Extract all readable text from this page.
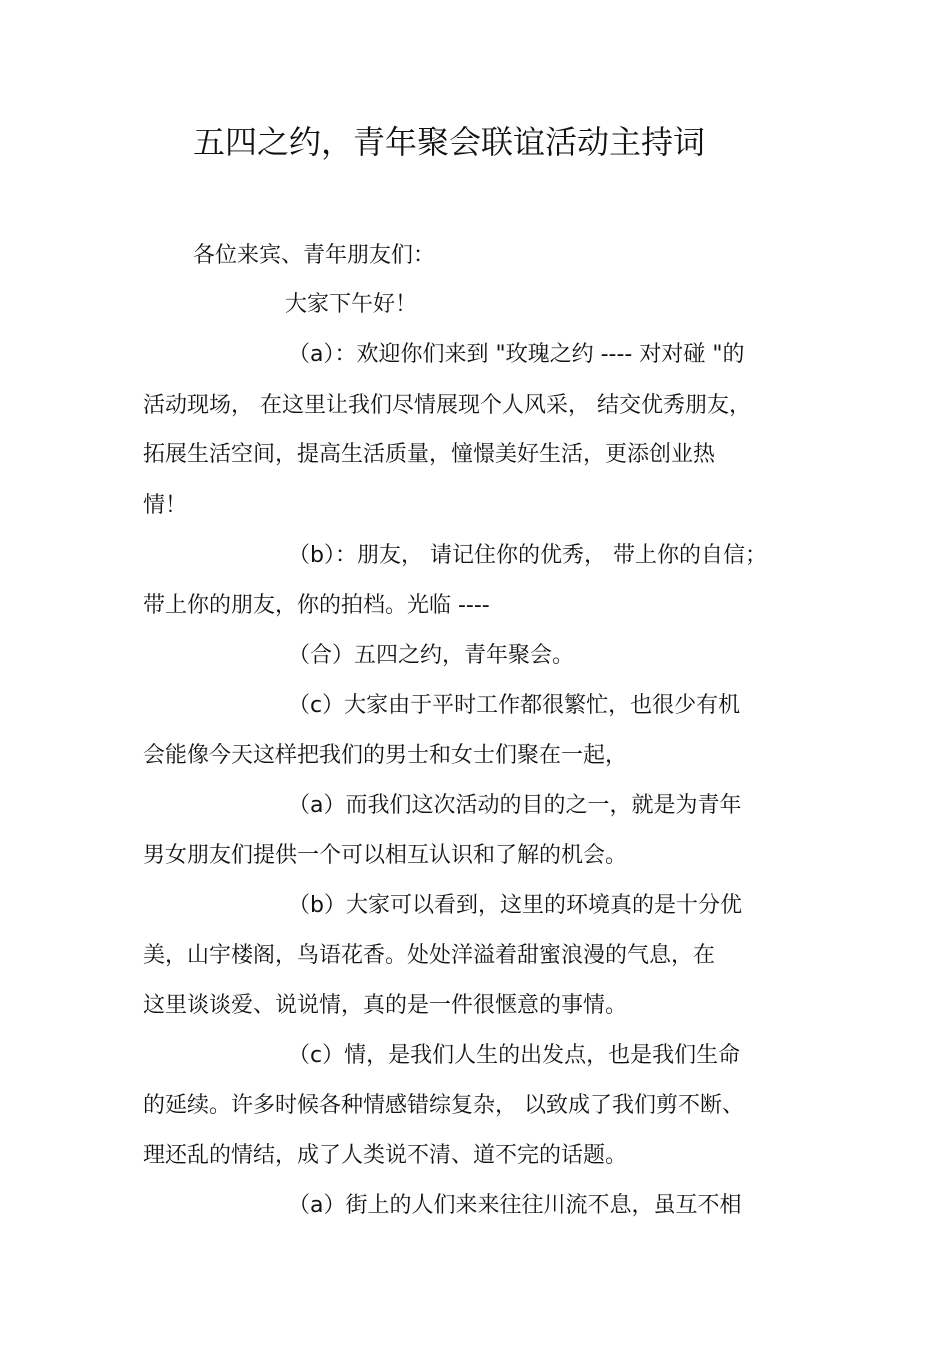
五四之约，青年聚会联谊活动主持词
各位来宾、青年朋友们：
大家下午好！
（a）：欢迎你们来到 "玫瑰之约 ---- 对对碰 "的
活动现场， 在这里让我们尽情展现个人风采， 结交优秀朋友，
拓展生活空间，提高生活质量，憧憬美好生活，更添创业热
情！
（b）：朋友， 请记住你的优秀， 带上你的自信；
带上你的朋友，你的拍档。光临 ----
（合）五四之约，青年聚会。
（c）大家由于平时工作都很繁忙，也很少有机
会能像今天这样把我们的男士和女士们聚在一起，
（a）而我们这次活动的目的之一，就是为青年
男女朋友们提供一个可以相互认识和了解的机会。
（b）大家可以看到，这里的环境真的是十分优
美，山宇楼阁，鸟语花香。处处洋溢着甜蜜浪漫的气息，在
这里谈谈爱、说说情，真的是一件很惬意的事情。
（c）情，是我们人生的出发点，也是我们生命
的延续。许多时候各种情感错综复杂， 以致成了我们剪不断、
理还乱的情结，成了人类说不清、道不完的话题。
（a）街上的人们来来往往川流不息，虽互不相
